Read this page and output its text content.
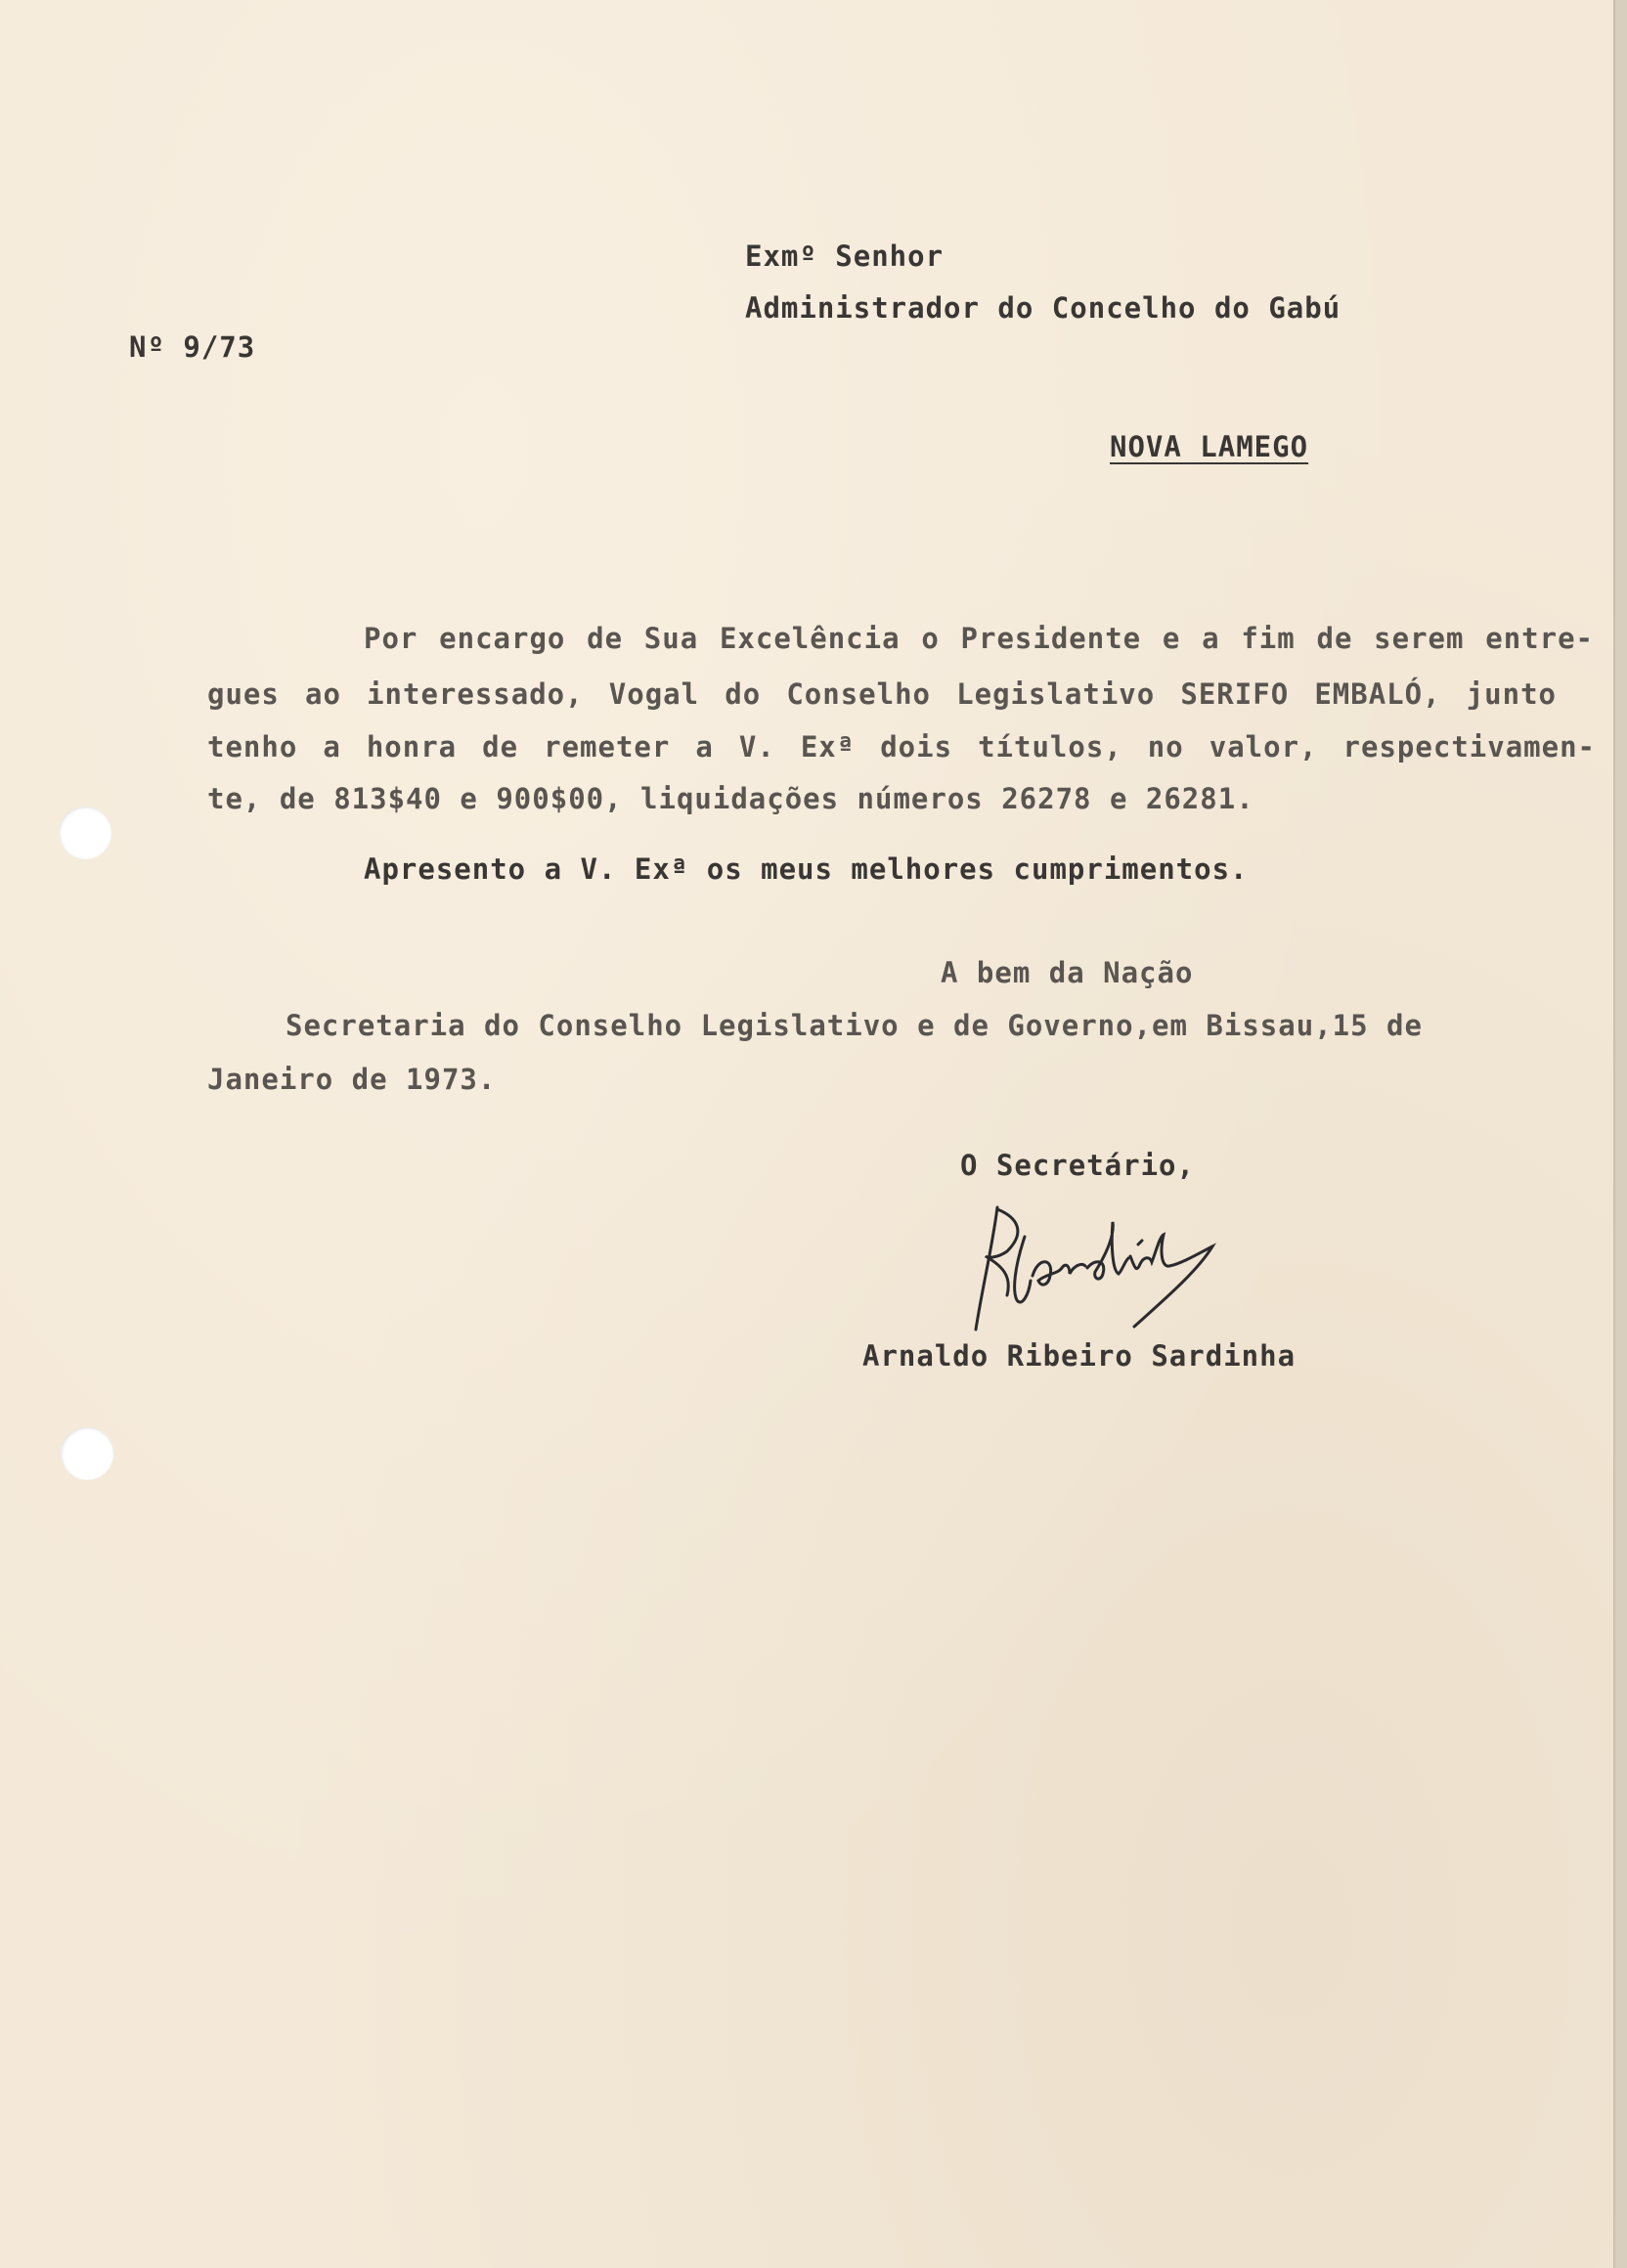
Exmº Senhor
Administrador do Concelho do Gabú
Nº 9/73
NOVA LAMEGO
Por encargo de Sua Excelência o Presidente e a fim de serem entre-
gues ao interessado, Vogal do Conselho Legislativo SERIFO EMBALÓ, junto
tenho a honra de remeter a V. Exª dois títulos, no valor, respectivamen-
te, de 813$40 e 900$00, liquidações números 26278 e 26281.
Apresento a V. Exª os meus melhores cumprimentos.
A bem da Nação
Secretaria do Conselho Legislativo e de Governo,em Bissau,15 de
Janeiro de 1973.
O Secretário,
Arnaldo Ribeiro Sardinha
